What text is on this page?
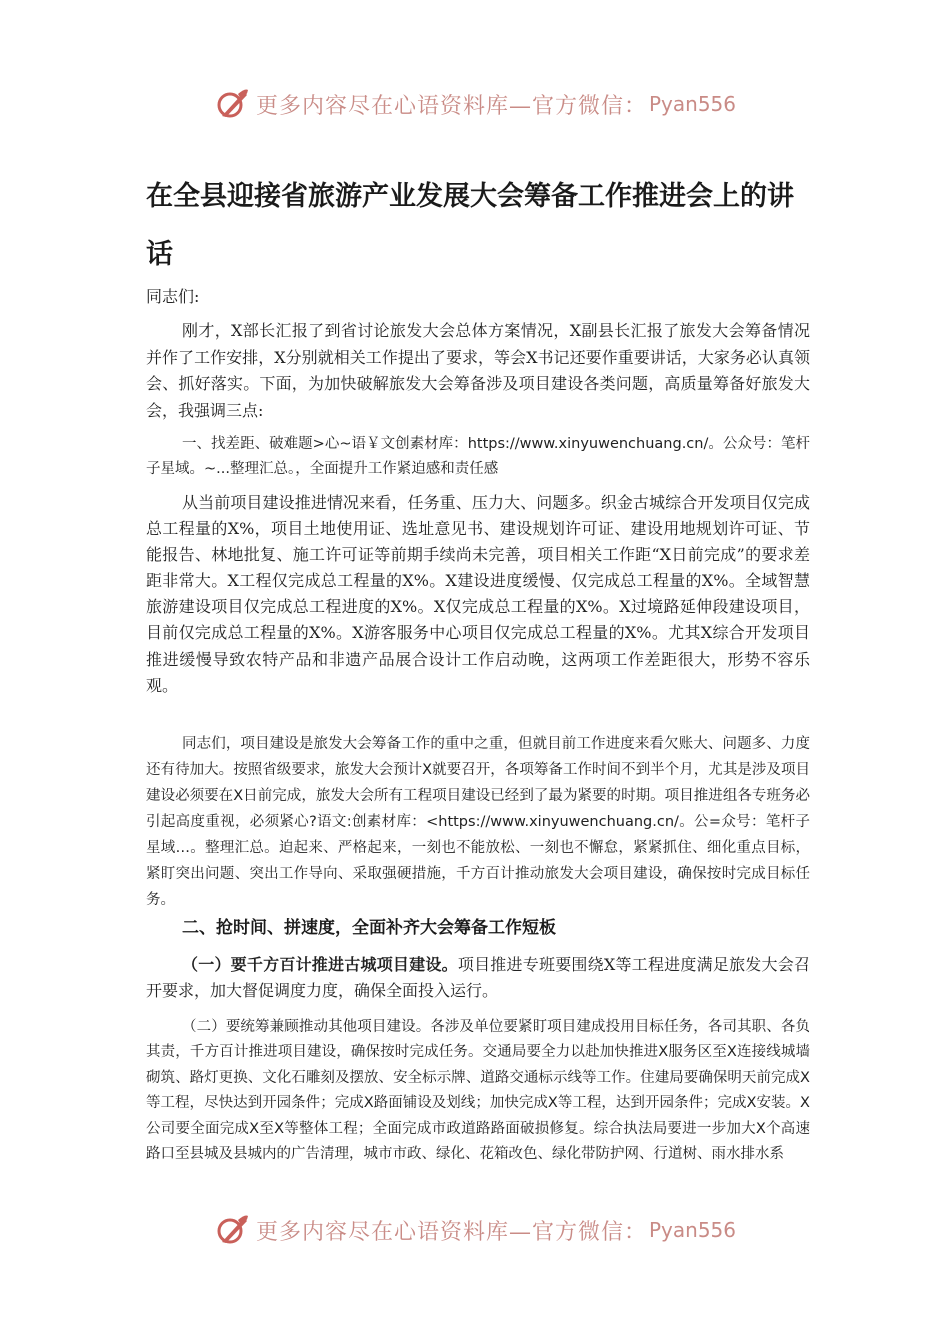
更多内容尽在心语资料库—官方微信： Pyan556
在全县迎接省旅游产业发展大会筹备工作推进会上的讲话

同志们:

刚才，X部长汇报了到省讨论旅发大会总体方案情况，X副县长汇报了旅发大会筹备情况并作了工作安排，X分别就相关工作提出了要求，等会X书记还要作重要讲话，大家务必认真领会、抓好落实。下面，为加快破解旅发大会筹备涉及项目建设各类问题，高质量筹备好旅发大会，我强调三点:

一、找差距、破难题>心~语￥文创素材库：https://www.xinyuwenchuang.cn/。公众号：笔杆子星域。~...整理汇总。，全面提升工作紧迫感和责任感

从当前项目建设推进情况来看，任务重、压力大、问题多。织金古城综合开发项目仅完成总工程量的X%，项目土地使用证、选址意见书、建设规划许可证、建设用地规划许可证、节能报告、林地批复、施工许可证等前期手续尚未完善，项目相关工作距“X日前完成”的要求差距非常大。X工程仅完成总工程量的X%。X建设进度缓慢、仅完成总工程量的X%。全域智慧旅游建设项目仅完成总工程进度的X%。X仅完成总工程量的X%。X过境路延伸段建设项目，目前仅完成总工程量的X%。X游客服务中心项目仅完成总工程量的X%。尤其X综合开发项目推进缓慢导致农特产品和非遗产品展合设计工作启动晚，这两项工作差距很大，形势不容乐观。

同志们，项目建设是旅发大会筹备工作的重中之重，但就目前工作进度来看欠账大、问题多、力度还有待加大。按照省级要求，旅发大会预计X就要召开，各项筹备工作时间不到半个月，尤其是涉及项目建设必须要在X日前完成，旅发大会所有工程项目建设已经到了最为紧要的时期。项目推进组各专班务必引起高度重视，必须紧心?语文:创素材库：<https://www.xinyuwenchuang.cn/。公=众号：笔杆子星域…。整理汇总。迫起来、严格起来，一刻也不能放松、一刻也不懈怠，紧紧抓住、细化重点目标，紧盯突出问题、突出工作导向、采取强硬措施，千方百计推动旅发大会项目建设，确保按时完成目标任务。

二、抢时间、拼速度，全面补齐大会筹备工作短板

（一）要千方百计推进古城项目建设。项目推进专班要围绕X等工程进度满足旅发大会召开要求，加大督促调度力度，确保全面投入运行。

（二）要统筹兼顾推动其他项目建设。各涉及单位要紧盯项目建成投用目标任务，各司其职、各负其责，千方百计推进项目建设，确保按时完成任务。交通局要全力以赴加快推进X服务区至X连接线城墙砌筑、路灯更换、文化石雕刻及摆放、安全标示牌、道路交通标示线等工作。住建局要确保明天前完成X等工程，尽快达到开园条件；完成X路面铺设及划线；加快完成X等工程，达到开园条件；完成X安装。X公司要全面完成X至X等整体工程；全面完成市政道路路面破损修复。综合执法局要进一步加大X个高速路口至县城及县城内的广告清理，城市市政、绿化、花箱改色、绿化带防护网、行道树、雨水排水系

更多内容尽在心语资料库—官方微信： Pyan556
